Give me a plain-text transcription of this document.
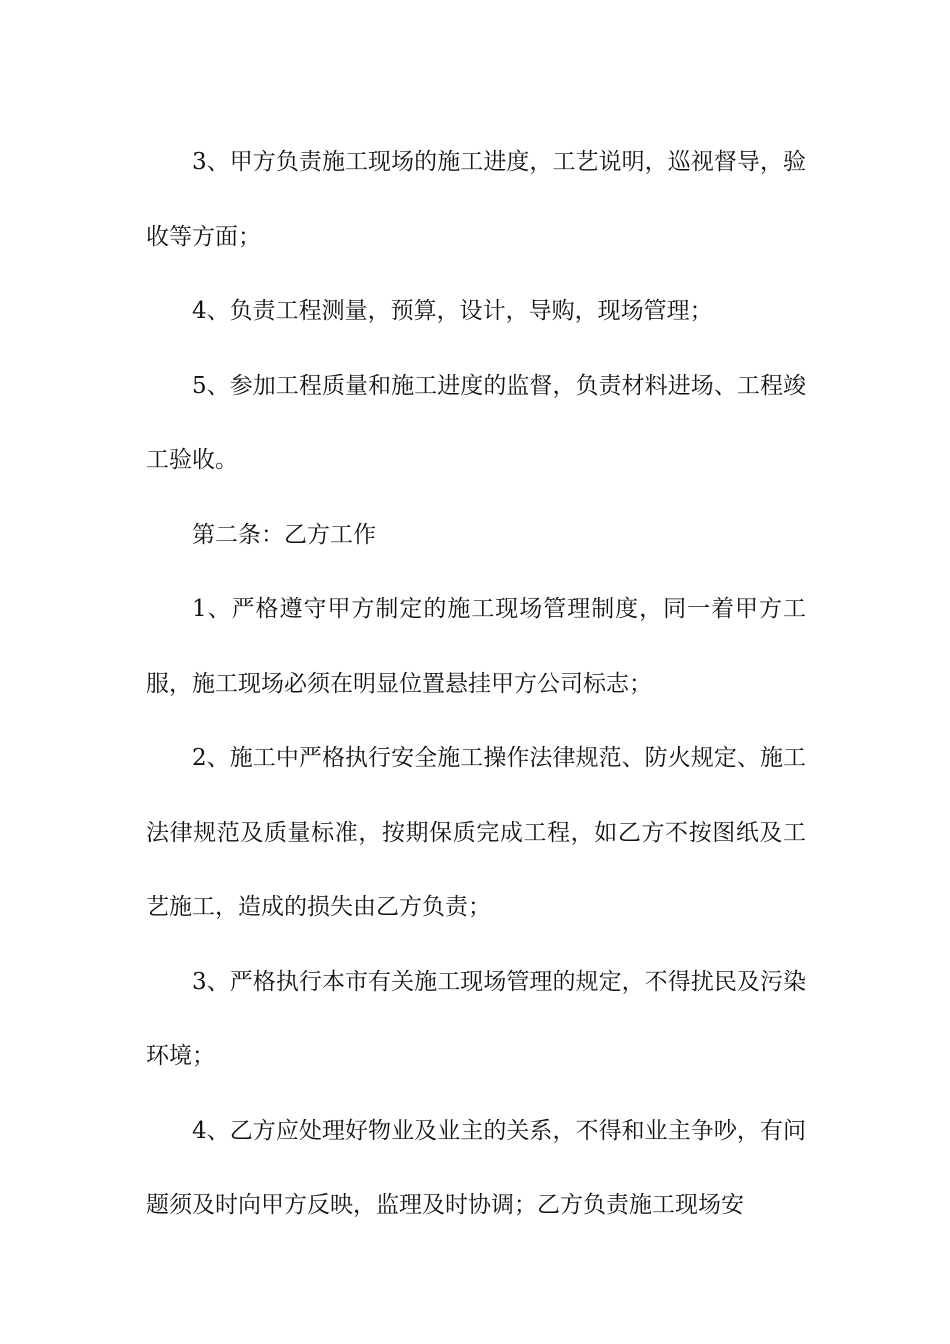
3、甲方负责施工现场的施工进度，工艺说明，巡视督导，验收等方面；

4、负责工程测量，预算，设计，导购，现场管理；

5、参加工程质量和施工进度的监督，负责材料进场、工程竣工验收。

第二条：乙方工作

1、严格遵守甲方制定的施工现场管理制度，同一着甲方工服，施工现场必须在明显位置悬挂甲方公司标志；

2、施工中严格执行安全施工操作法律规范、防火规定、施工法律规范及质量标准，按期保质完成工程，如乙方不按图纸及工艺施工，造成的损失由乙方负责；

3、严格执行本市有关施工现场管理的规定，不得扰民及污染环境；

4、乙方应处理好物业及业主的关系，不得和业主争吵，有问题须及时向甲方反映，监理及时协调；乙方负责施工现场安
